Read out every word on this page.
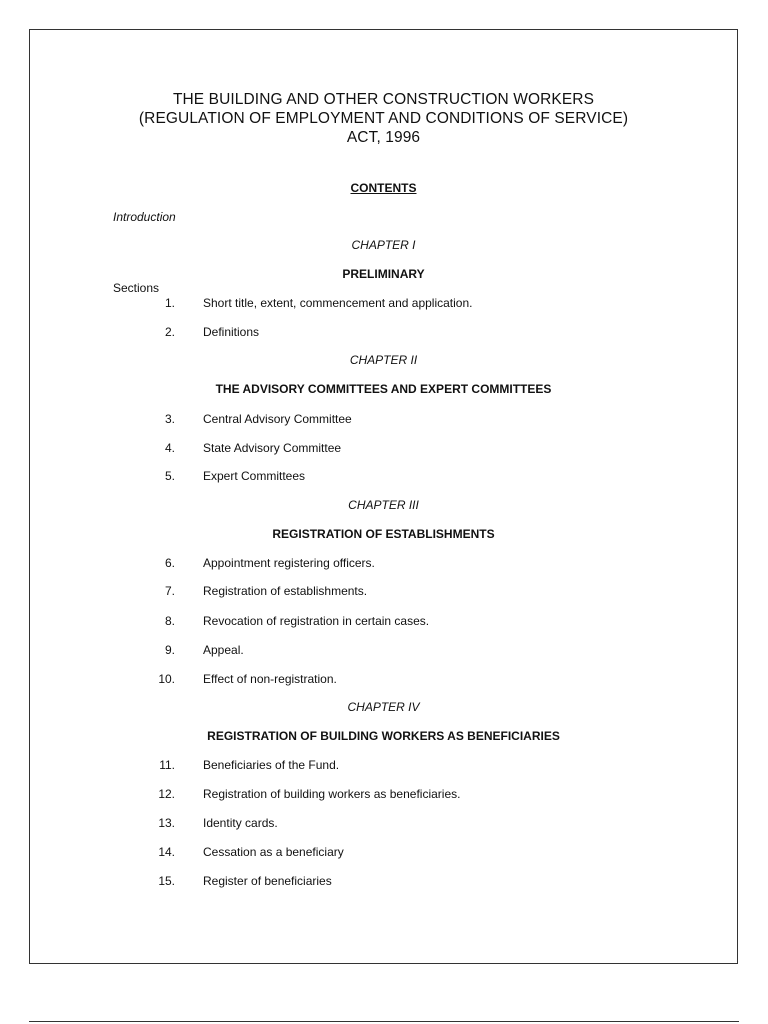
THE BUILDING AND OTHER CONSTRUCTION WORKERS
(REGULATION OF EMPLOYMENT AND CONDITIONS OF SERVICE)
ACT, 1996
CONTENTS
Introduction
CHAPTER I
PRELIMINARY
Sections
1. Short title, extent, commencement and application.
2. Definitions
CHAPTER II
THE ADVISORY COMMITTEES AND EXPERT COMMITTEES
3. Central Advisory Committee
4. State Advisory Committee
5. Expert Committees
CHAPTER III
REGISTRATION OF ESTABLISHMENTS
6. Appointment registering officers.
7. Registration of establishments.
8. Revocation of registration in certain cases.
9. Appeal.
10. Effect of non-registration.
CHAPTER IV
REGISTRATION OF BUILDING WORKERS AS BENEFICIARIES
11. Beneficiaries of the Fund.
12. Registration of building workers as beneficiaries.
13. Identity cards.
14. Cessation as a beneficiary
15. Register of beneficiaries
